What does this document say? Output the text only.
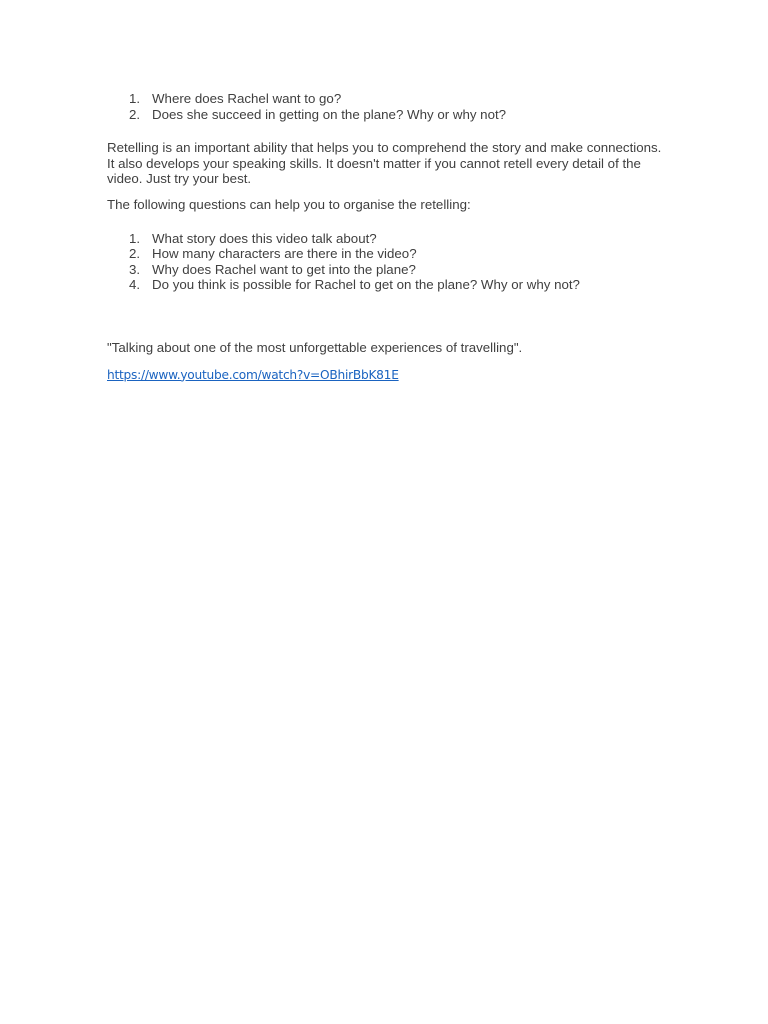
1. Where does Rachel want to go?
2. Does she succeed in getting on the plane? Why or why not?

Retelling is an important ability that helps you to comprehend the story and make connections. It also develops your speaking skills. It doesn't matter if you cannot retell every detail of the video. Just try your best.

The following questions can help you to organise the retelling:

1. What story does this video talk about?
2. How many characters are there in the video?
3. Why does Rachel want to get into the plane?
4. Do you think is possible for Rachel to get on the plane? Why or why not?

"Talking about one of the most unforgettable experiences of travelling".

https://www.youtube.com/watch?v=OBhirBbK81E
